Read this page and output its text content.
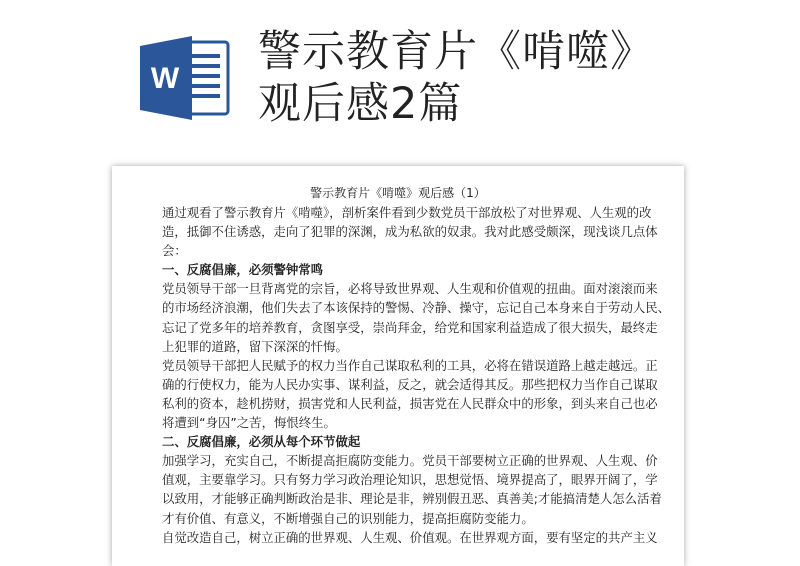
W
警示教育片《啃噬》
观后感2篇
警示教育片《啃噬》观后感（1）
通过观看了警示教育片《啃噬》，剖析案件看到少数党员干部放松了对世界观、人生观的改
造，抵御不住诱惑，走向了犯罪的深渊，成为私欲的奴隶。我对此感受颇深，现浅谈几点体
会：
一、反腐倡廉，必须警钟常鸣
党员领导干部一旦背离党的宗旨，必将导致世界观、人生观和价值观的扭曲。面对滚滚而来
的市场经济浪潮，他们失去了本该保持的警惕、冷静、操守，忘记自己本身来自于劳动人民、
忘记了党多年的培养教育，贪图享受，崇尚拜金，给党和国家利益造成了很大损失，最终走
上犯罪的道路，留下深深的忏悔。
党员领导干部把人民赋予的权力当作自己谋取私利的工具，必将在错误道路上越走越远。正
确的行使权力，能为人民办实事、谋利益，反之，就会适得其反。那些把权力当作自己谋取
私利的资本，趁机捞财，损害党和人民利益，损害党在人民群众中的形象，到头来自己也必
将遭到“身囚”之苦，悔恨终生。
二、反腐倡廉，必须从每个环节做起
加强学习，充实自己，不断提高拒腐防变能力。党员干部要树立正确的世界观、人生观、价
值观，主要靠学习。只有努力学习政治理论知识，思想觉悟、境界提高了，眼界开阔了，学
以致用，才能够正确判断政治是非、理论是非，辨别假丑恶、真善美;才能搞清楚人怎么活着
才有价值、有意义，不断增强自己的识别能力，提高拒腐防变能力。
自觉改造自己，树立正确的世界观、人生观、价值观。在世界观方面，要有坚定的共产主义
